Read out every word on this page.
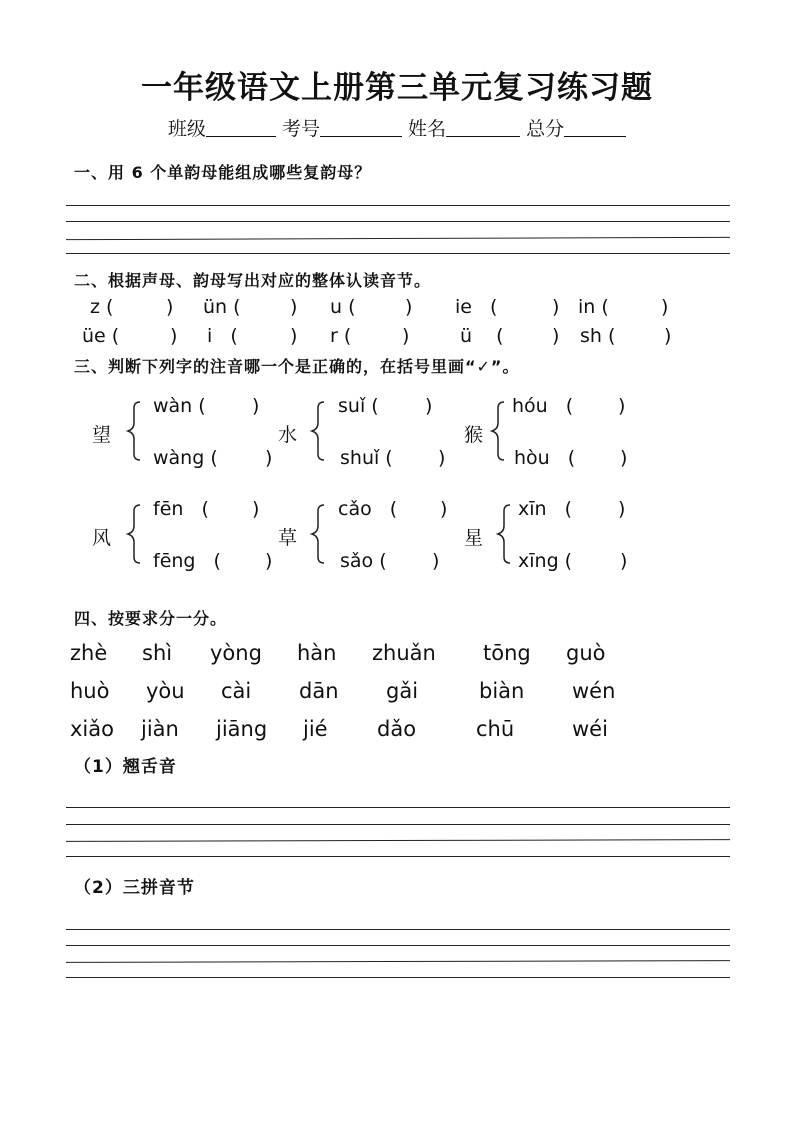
一年级语文上册第三单元复习练习题
班级	考号	姓名	总分
一、用 6 个单韵母能组成哪些复韵母？
二、根据声母、韵母写出对应的整体认读音节。
z (	) ün (	) u (	) ie (	) in (	)
üe (	) i (	) r (	)	ü (	) sh (	)
三、判断下列字的注音哪一个是正确的，在括号里画“✓”。
望
wàn ( )
wàng ( )
水
suǐ ( )
shuǐ ( )
猴
hóu ( )
hòu ( )
风
fēn ( )
fēng ( )
草
cǎo ( )
sǎo ( )
星
xīn ( )
xīng (	)
四、按要求分一分。
zhè shì yòng hàn zhuǎn tōng guò
huò yòu cài dān gǎi	biàn wén
xiǎo jiàn jiāng jié dǎo	chū	wéi
（1）翘舌音
（2）三拼音节
